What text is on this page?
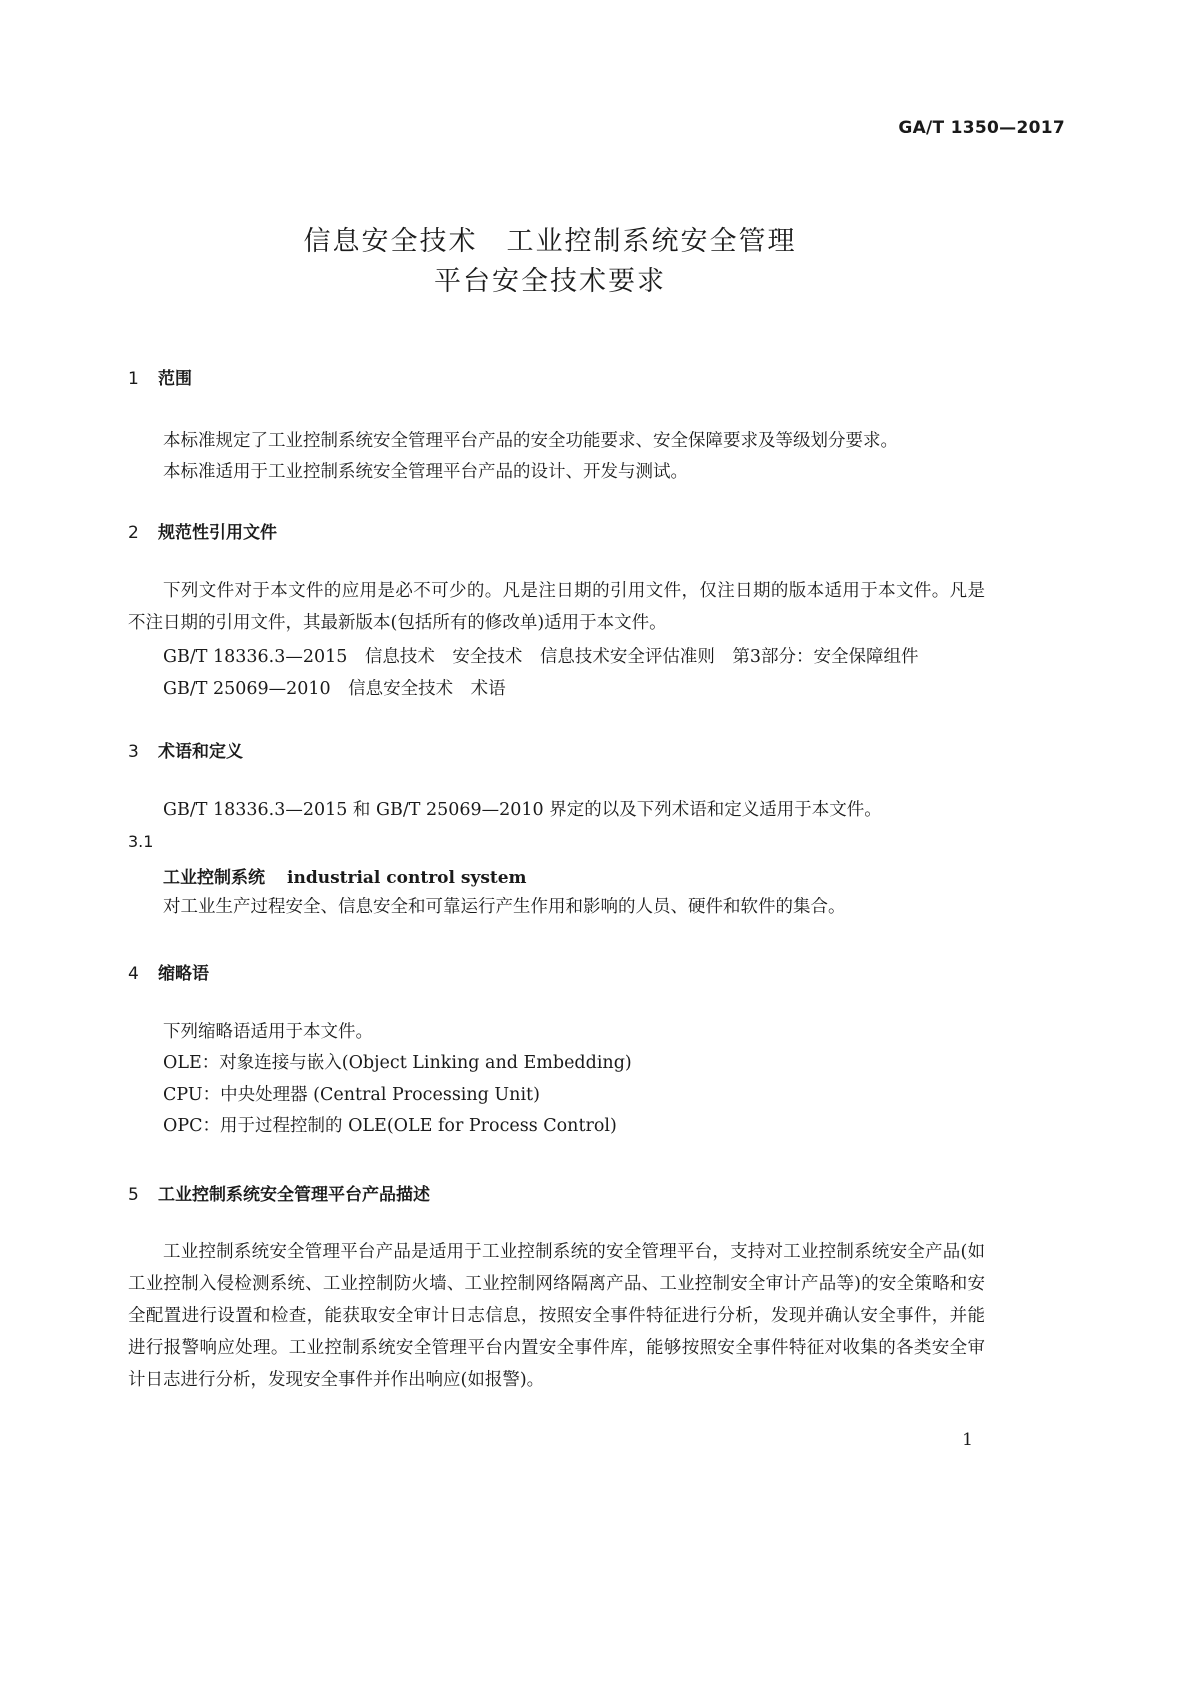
GA/T 1350—2017
信息安全技术　工业控制系统安全管理
平台安全技术要求
1 范围
本标准规定了工业控制系统安全管理平台产品的安全功能要求、安全保障要求及等级划分要求。
本标准适用于工业控制系统安全管理平台产品的设计、开发与测试。
2 规范性引用文件
下列文件对于本文件的应用是必不可少的。凡是注日期的引用文件，仅注日期的版本适用于本文件。凡是不注日期的引用文件，其最新版本(包括所有的修改单)适用于本文件。
GB/T 18336.3—2015　信息技术　安全技术　信息技术安全评估准则　第3部分：安全保障组件
GB/T 25069—2010　信息安全技术　术语
3 术语和定义
GB/T 18336.3—2015 和 GB/T 25069—2010 界定的以及下列术语和定义适用于本文件。
3.1
工业控制系统 industrial control system
对工业生产过程安全、信息安全和可靠运行产生作用和影响的人员、硬件和软件的集合。
4 缩略语
下列缩略语适用于本文件。
OLE：对象连接与嵌入(Object Linking and Embedding)
CPU：中央处理器 (Central Processing Unit)
OPC：用于过程控制的 OLE(OLE for Process Control)
5 工业控制系统安全管理平台产品描述
工业控制系统安全管理平台产品是适用于工业控制系统的安全管理平台，支持对工业控制系统安全产品(如工业控制入侵检测系统、工业控制防火墙、工业控制网络隔离产品、工业控制安全审计产品等)的安全策略和安全配置进行设置和检查，能获取安全审计日志信息，按照安全事件特征进行分析，发现并确认安全事件，并能进行报警响应处理。工业控制系统安全管理平台内置安全事件库，能够按照安全事件特征对收集的各类安全审计日志进行分析，发现安全事件并作出响应(如报警)。
1
